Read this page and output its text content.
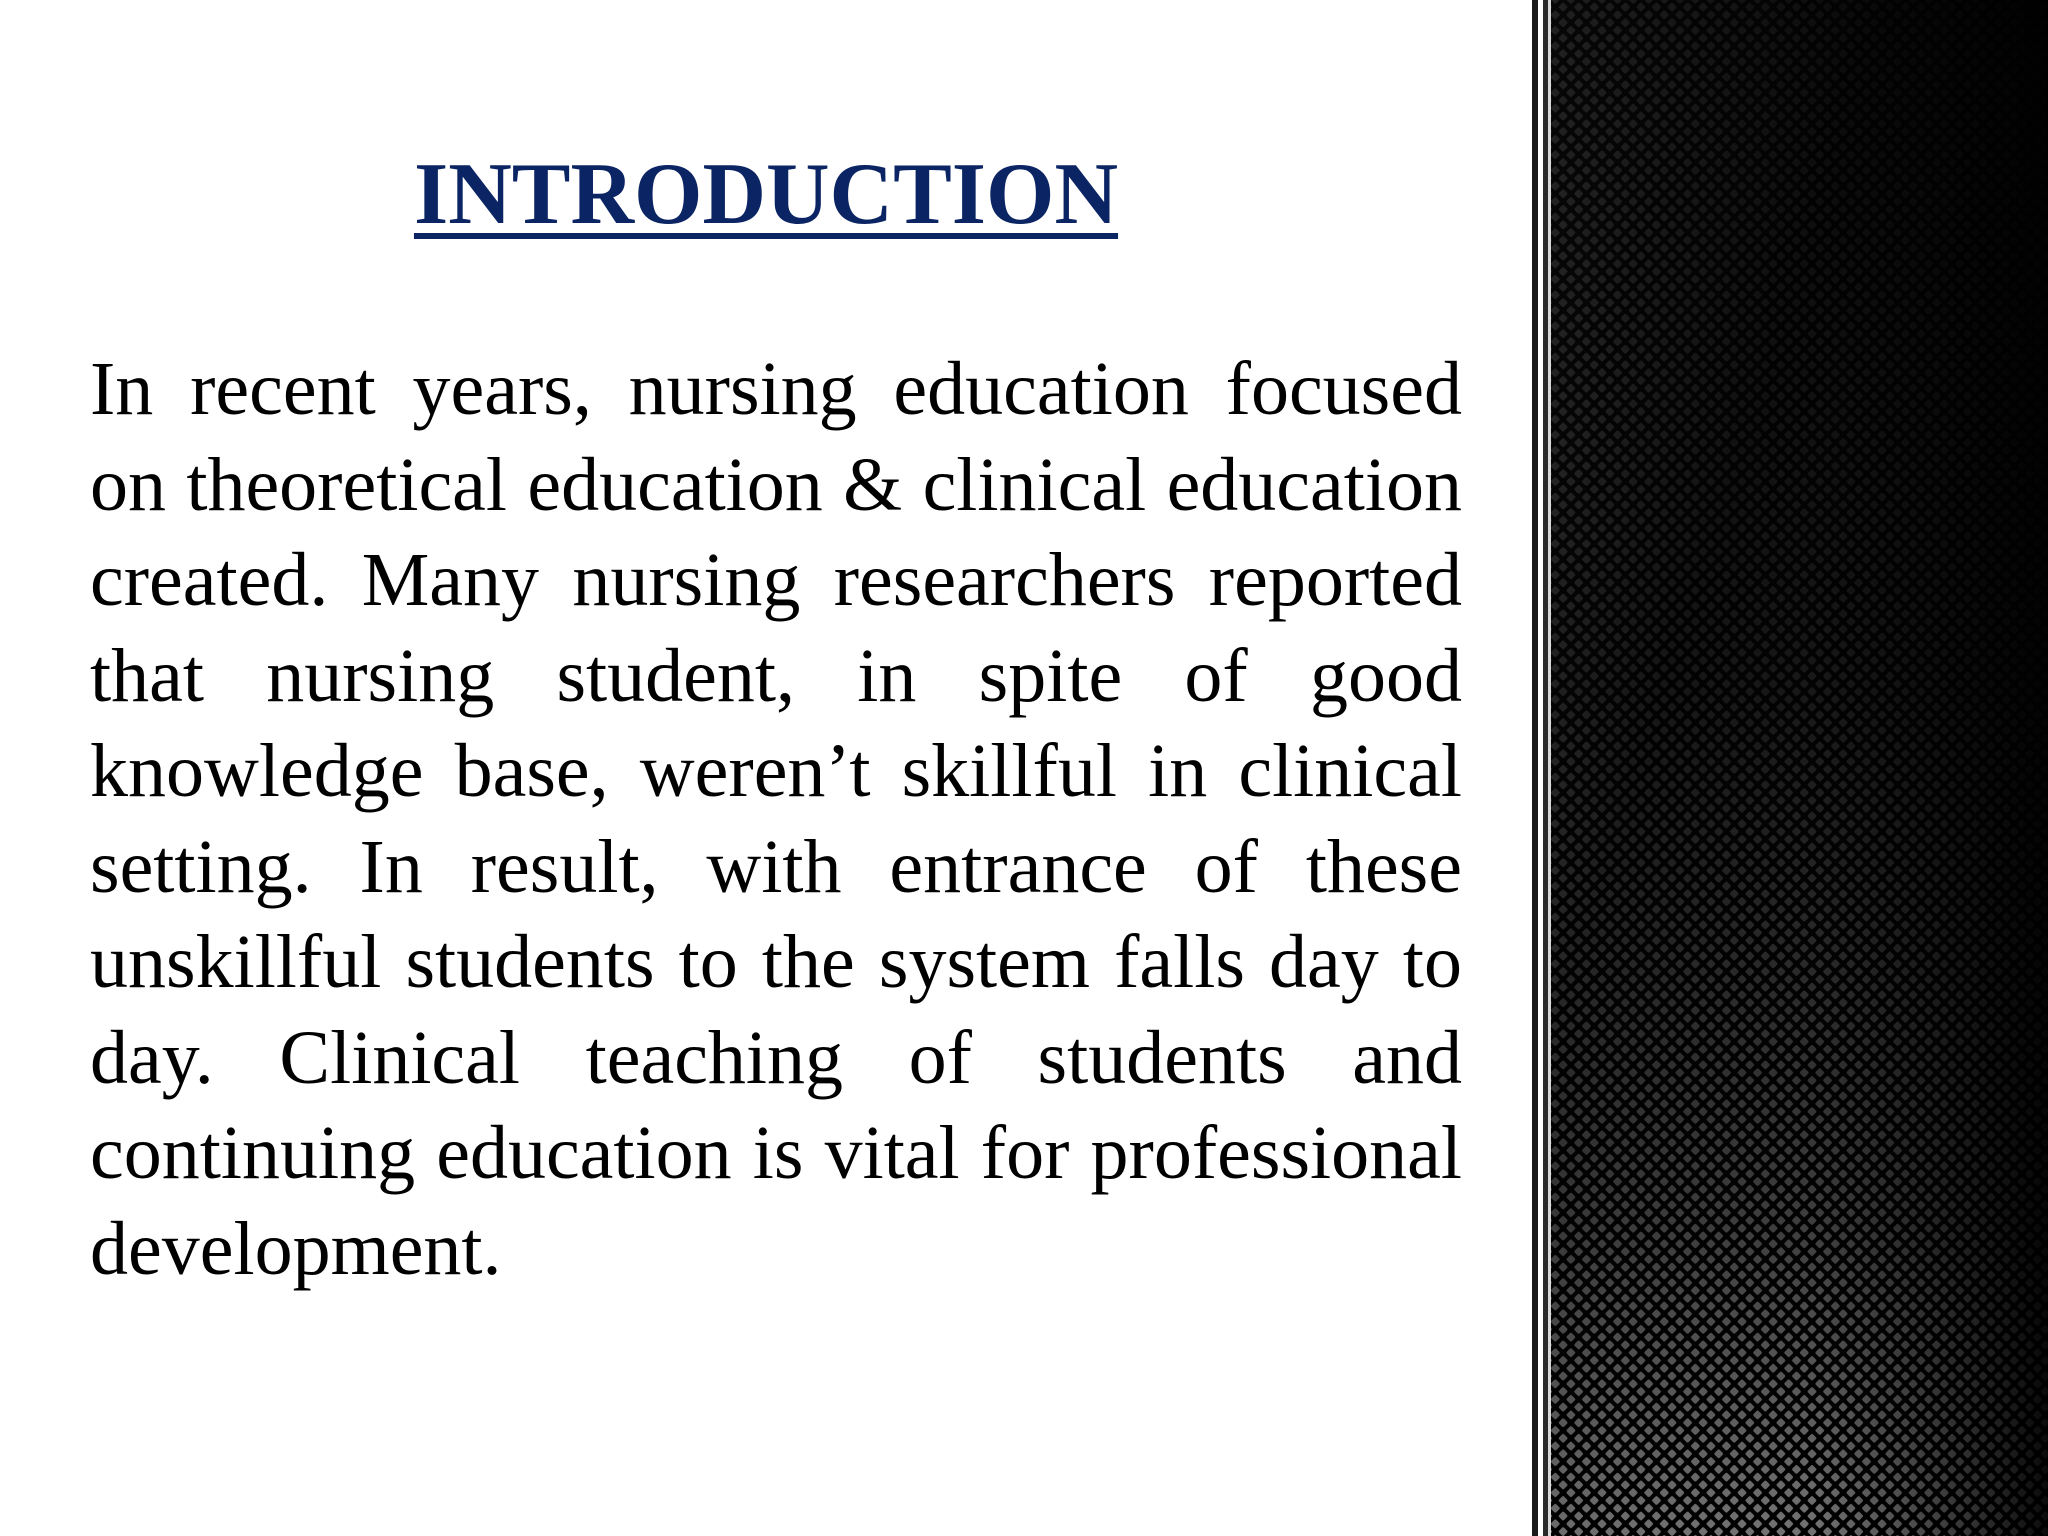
INTRODUCTION

In recent years, nursing education focused on theoretical education & clinical education created. Many nursing researchers reported that nursing student, in spite of good knowledge base, weren’t skillful in clinical setting. In result, with entrance of these unskillful students to the system falls day to day. Clinical teaching of students and continuing education is vital for professional development.
